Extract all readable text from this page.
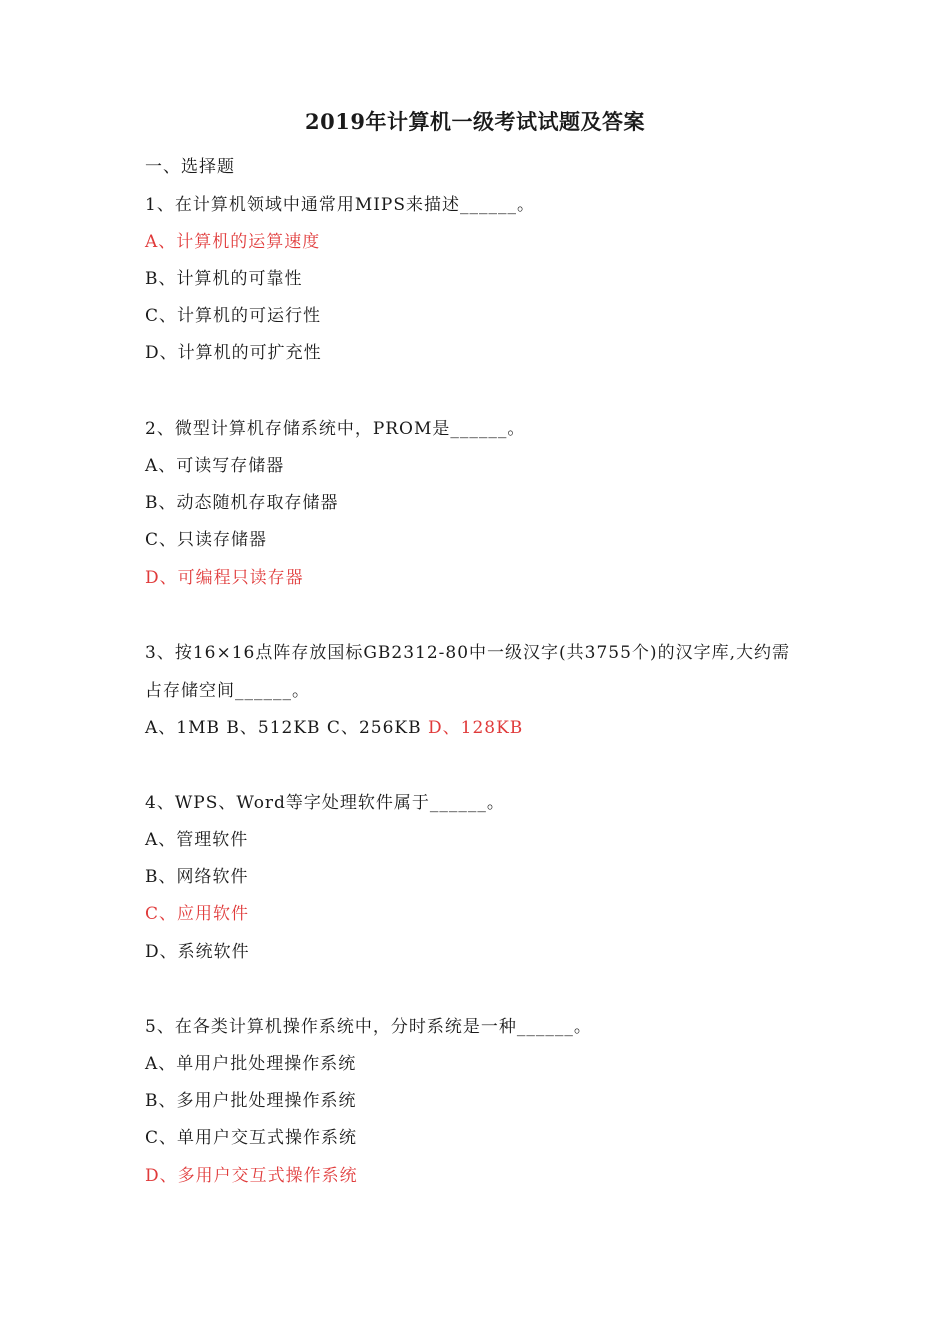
2019年计算机一级考试试题及答案
一、选择题
1、在计算机领域中通常用MIPS来描述______。
A、计算机的运算速度
B、计算机的可靠性
C、计算机的可运行性
D、计算机的可扩充性
2、微型计算机存储系统中，PROM是______。
A、可读写存储器
B、动态随机存取存储器
C、只读存储器
D、可编程只读存器
3、按16×16点阵存放国标GB2312-80中一级汉字(共3755个)的汉字库,大约需
占存储空间______。
A、1MB B、512KB C、256KB D、128KB
4、WPS、Word等字处理软件属于______。
A、管理软件
B、网络软件
C、应用软件
D、系统软件
5、在各类计算机操作系统中，分时系统是一种______。
A、单用户批处理操作系统
B、多用户批处理操作系统
C、单用户交互式操作系统
D、多用户交互式操作系统
